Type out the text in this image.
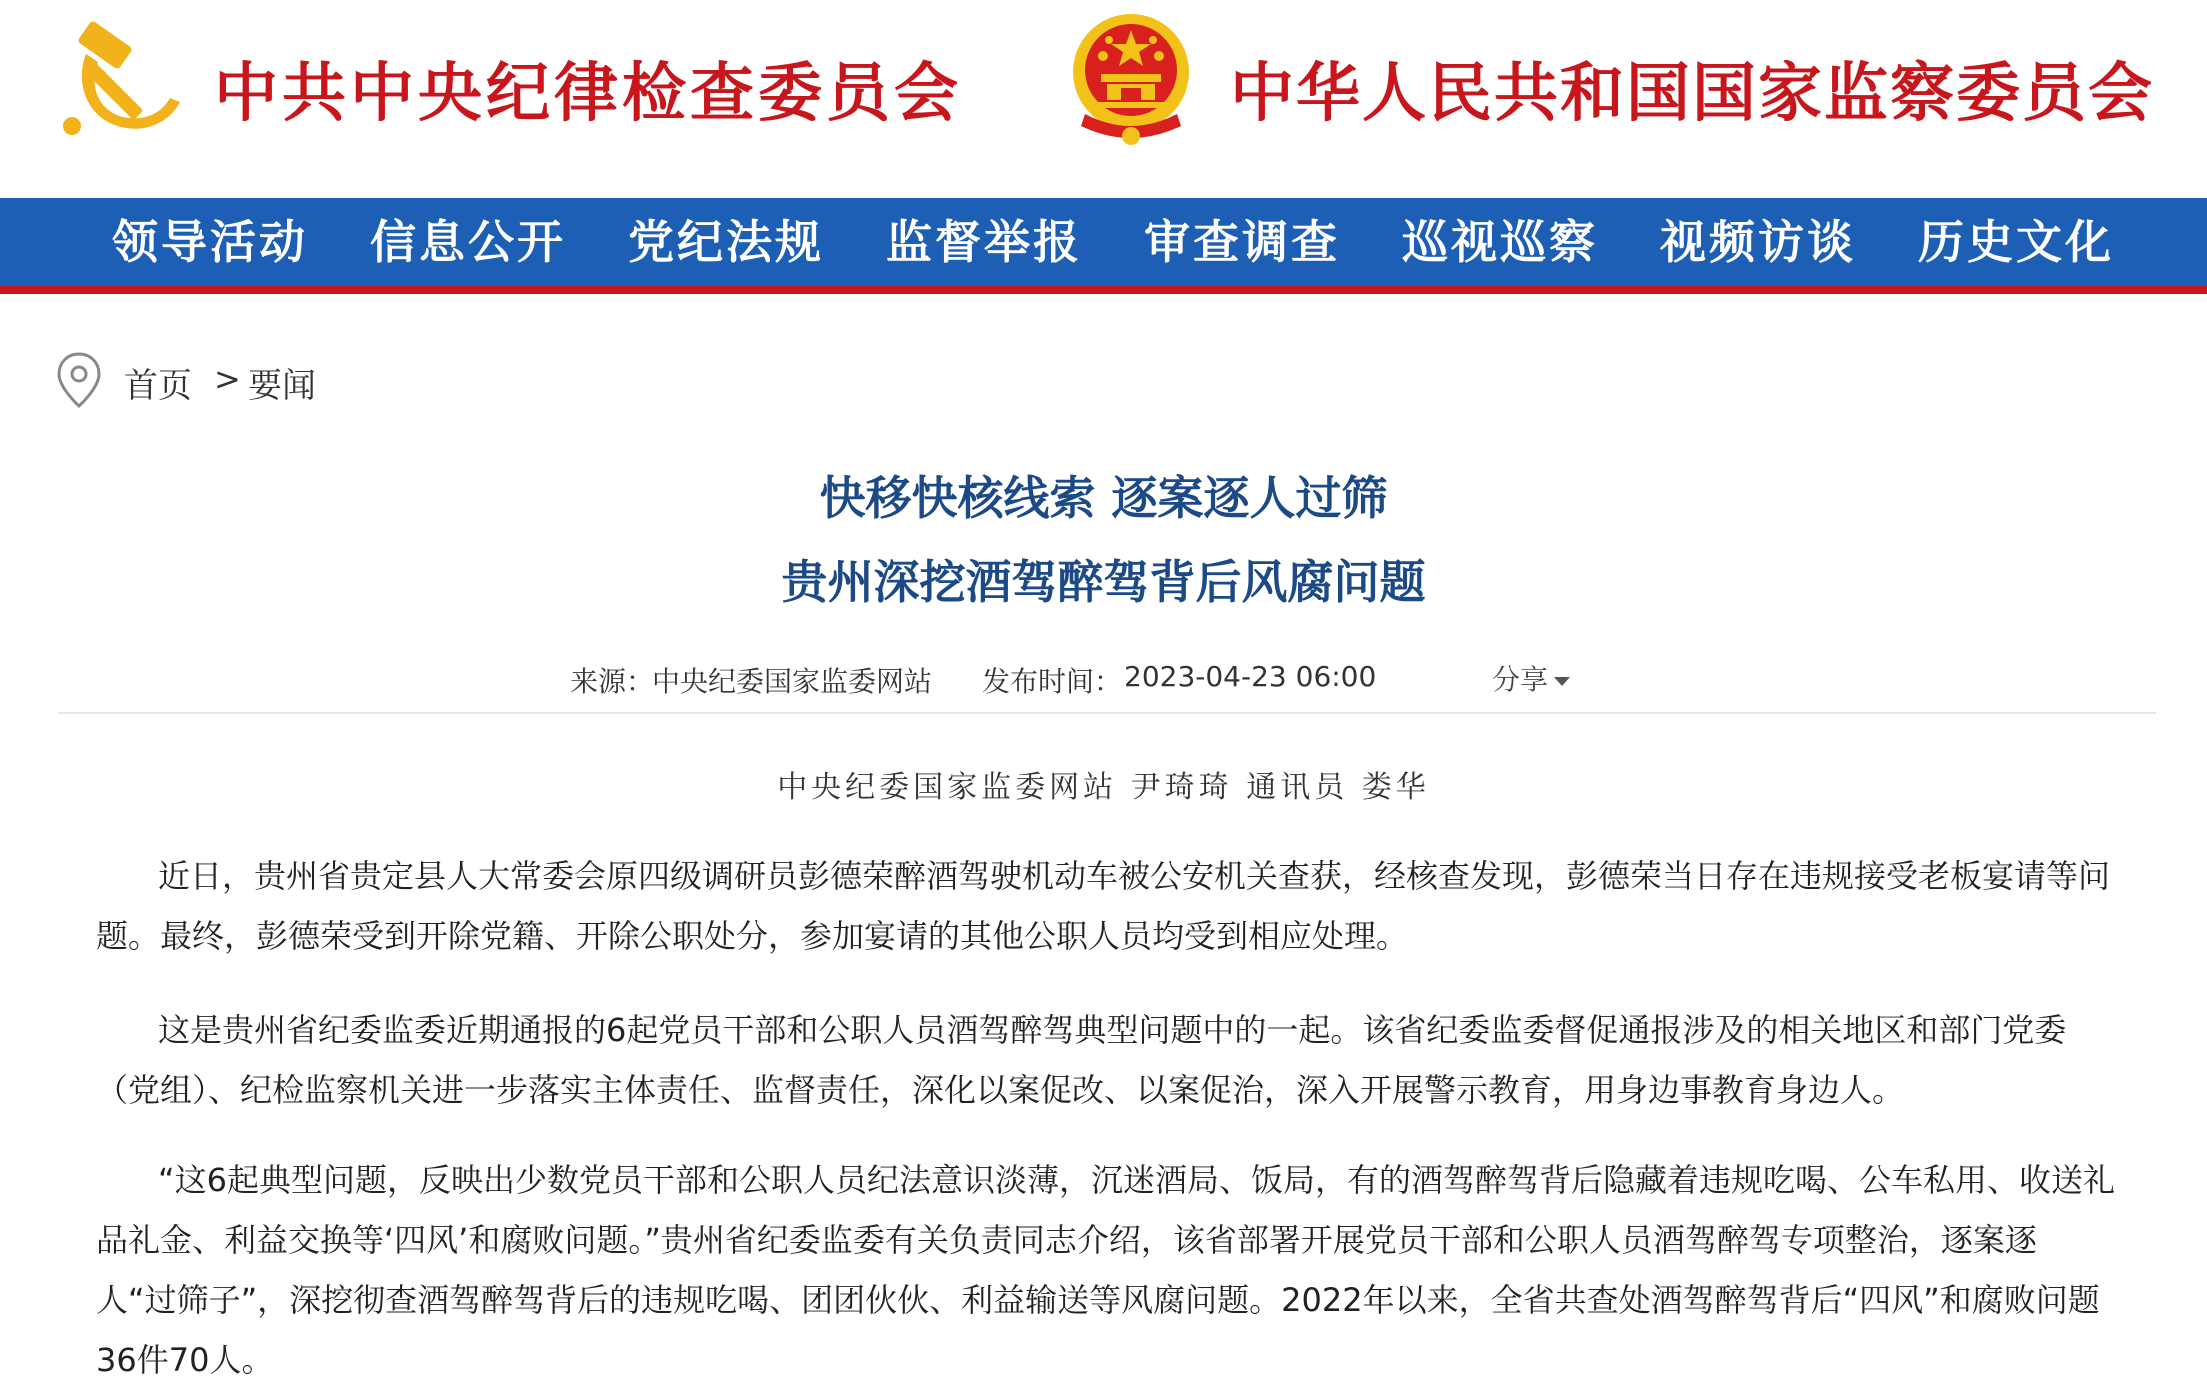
中共中央纪律检查委员会	中华人民共和国国家监察委员会
领导活动 信息公开 党纪法规 监督举报 审查调查 巡视巡察 视频访谈 历史文化
首页 > 要闻
快移快核线索 逐案逐人过筛
贵州深挖酒驾醉驾背后风腐问题
来源：
中央纪委国家监委网站 发布时间： 2023-04-23 06:00	分享
中央纪委国家监委网站 尹琦琦 通讯员 娄华

近日，贵州省贵定县人大常委会原四级调研员彭德荣醉酒驾驶机动车被公安机关查获，经核查发现，彭德荣当日存在违规接受老板宴请等问题。最终，彭德荣受到开除党籍、开除公职处分，参加宴请的其他公职人员均受到相应处理。

这是贵州省纪委监委近期通报的6起党员干部和公职人员酒驾醉驾典型问题中的一起。该省纪委监委督促通报涉及的相关地区和部门党委（党组）、纪检监察机关进一步落实主体责任、监督责任，深化以案促改、以案促治，深入开展警示教育，用身边事教育身边人。

“这6起典型问题，反映出少数党员干部和公职人员纪法意识淡薄，沉迷酒局、饭局，有的酒驾醉驾背后隐藏着违规吃喝、公车私用、收送礼品礼金、利益交换等‘四风’和腐败问题。”贵州省纪委监委有关负责同志介绍，该省部署开展党员干部和公职人员酒驾醉驾专项整治，逐案逐人“过筛子”，深挖彻查酒驾醉驾背后的违规吃喝、团团伙伙、利益输送等风腐问题。2022年以来，全省共查处酒驾醉驾背后“四风”和腐败问题36件70人。
